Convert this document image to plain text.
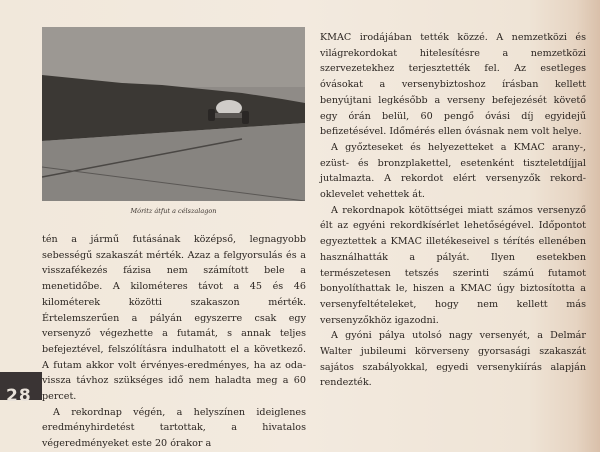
Móritz átfut a célszalagon

tén a jármű futásának középső, legnagyobb sebességű szakaszát mérték. Azaz a felgyorsulás és a visszafékezés fázisa nem számított bele a menetidőbe. A kilométeres távot a 45 és 46 kilométerek közötti szakaszon mérték. Értelemszerűen a pályán egyszerre csak egy versenyző végezhette a futamát, s annak teljes befejeztével, felszólításra indulhatott el a következő. A futam akkor volt érvényes-eredményes, ha az oda-vissza távhoz szükséges idő nem haladta meg a 60 percet.

A rekordnap végén, a helyszínen ideiglenes eredményhirdetést tartottak, a hivatalos végeredményeket este 20 órakor a

KMAC irodájában tették közzé. A nemzetközi és világrekordokat hitelesítésre a nemzetközi szervezetekhez terjesztették fel. Az esetleges óvásokat a versenybiztoshoz írásban kellett benyújtani legkésőbb a verseny befejezését követő egy órán belül, 60 pengő óvási díj egyidejű befizetésével. Időmérés ellen óvásnak nem volt helye.

A győzteseket és helyezetteket a KMAC arany-, ezüst- és bronzplakettel, esetenként tiszteletdíjjal jutalmazta. A rekordot elért versenyzők rekord-oklevelet vehettek át.

A rekordnapok kötöttségei miatt számos versenyző élt az egyéni rekordkísérlet lehetőségével. Időpontot egyeztettek a KMAC illetékeseivel s térítés ellenében használhatták a pályát. Ilyen esetekben természetesen tetszés szerinti számú futamot bonyolíthattak le, hiszen a KMAC úgy biztosította a versenyfeltételeket, hogy nem kellett más versenyzőkhöz igazodni.

A gyóni pálya utolsó nagy versenyét, a Delmár Walter jubileumi körverseny gyorsasági szakaszát sajátos szabályokkal, egyedi versenykiírás alapján rendezték.

28
